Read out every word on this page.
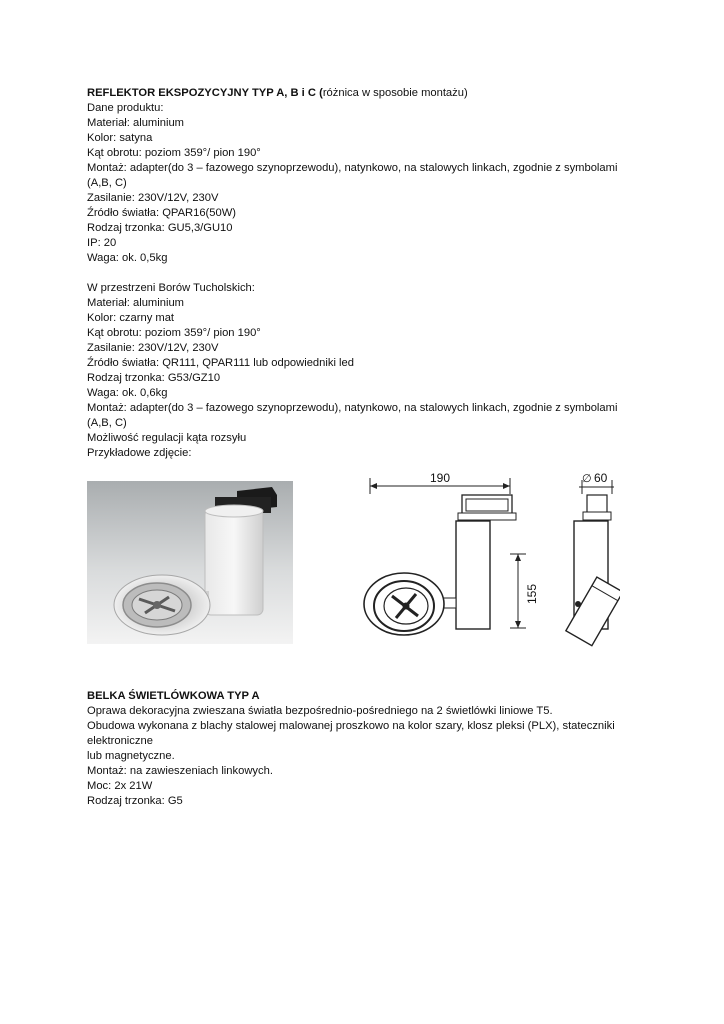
REFLEKTOR EKSPOZYCYJNY TYP A, B i C (różnica w sposobie montażu)
Dane produktu:
Materiał: aluminium
Kolor: satyna
Kąt obrotu: poziom 359°/ pion 190°
Montaż: adapter(do 3 – fazowego szynoprzewodu), natynkowo, na stalowych linkach, zgodnie z symbolami
(A,B, C)
Zasilanie: 230V/12V, 230V
Źródło światła: QPAR16(50W)
Rodzaj trzonka: GU5,3/GU10
IP: 20
Waga: ok. 0,5kg
W przestrzeni Borów Tucholskich:
Materiał: aluminium
Kolor: czarny mat
Kąt obrotu: poziom 359°/ pion 190°
Zasilanie: 230V/12V, 230V
Źródło światła: QR111, QPAR111 lub odpowiedniki led
Rodzaj trzonka: G53/GZ10
Waga: ok. 0,6kg
Montaż: adapter(do 3 – fazowego szynoprzewodu), natynkowo, na stalowych linkach, zgodnie z symbolami
(A,B, C)
Możliwość regulacji kąta rozsyłu
Przykładowe zdjęcie:
190
155
∅ 60
BELKA ŚWIETLÓWKOWA TYP A
Oprawa dekoracyjna zwieszana światła bezpośrednio-pośredniego na 2 świetlówki liniowe T5.
Obudowa wykonana z blachy stalowej malowanej proszkowo na kolor szary, klosz pleksi (PLX), stateczniki
elektroniczne
lub magnetyczne.
Montaż: na zawieszeniach linkowych.
Moc: 2x 21W
Rodzaj trzonka: G5
